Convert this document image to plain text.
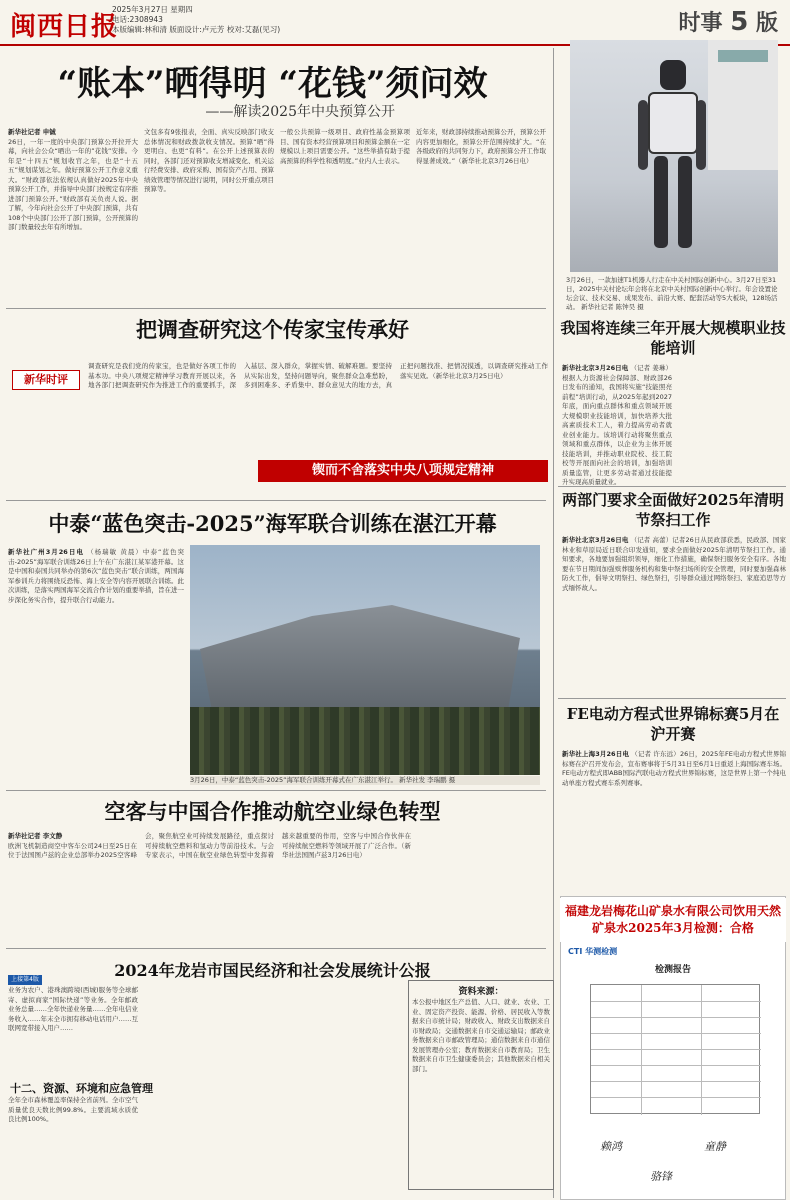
闽西日报
2025年3月27日 星期四
电话:2308943
本版编辑:林和清 版面设计:卢元芳 校对:艾磊(见习)	时事 5 版
“账本”晒得明 “花钱”须问效
——解读2025年中央预算公开
新华社记者 申铖
26日，一年一度的中央部门预算公开拉开大幕，向社会公众“晒出一年的”花钱”安排。今年是“十四五”规划收官之年，也是“十五五”规划谋划之年。做好预算公开工作意义重大。“财政部依法依规认真做好2025年中央预算公开工作，并指导中央部门按规定有序推进部门预算公开。”财政部有关负责人说。据了解，今年向社会公开了中央部门预算，共有108个中央部门公开了部门预算，公开预算的部门数量较去年有所增加。
文包多有9张报表，全面、真实反映部门收支总体情况和财政拨款收支情况。预算“晒”得更明白、也更“有料”。在公开上述预算表的同时，各部门还对预算收支增减变化、机关运行经费安排、政府采购、国有资产占用、预算绩效管理等情况进行说明，同时公开重点项目预算等。
一般公共预算一级项目、政府性基金预算项目、国有资本经营预算项目和预算金额在一定规模以上项目需要公开。“这些举措有助于提高预算的科学性和透明度。”业内人士表示。
近年来，财政部持续推动预算公开，预算公开内容更加细化，预算公开范围持续扩大。“在各级政府的共同努力下，政府预算公开工作取得显著成效。”（新华社北京3月26日电）
3月26日，一款加速T1机器人行走在中关村国际创新中心。3月27日至31日，2025中关村论坛年会将在北京中关村国际创新中心举行。年会设置论坛会议、技术交易、成果发布、前沿大赛、配套活动等5大板块，128场活动。 新华社记者 陈钟昊 摄
我国将连续三年开展大规模职业技能培训
新华社北京3月26日电 （记者 姜琳）根据人力资源社会保障部、财政部26日发布的通知，我国将实施“技能照亮前程”培训行动，从2025年起到2027年底，面向重点群体和重点领域开展大规模职业技能培训，加快培养大批高素质技术工人，着力提高劳动者就业创业能力。该培训行动将聚焦重点领域和重点群体，以企业为主体开展技能培训，并推动职业院校、技工院校等开展面向社会的培训，加强培训质量监管，让更多劳动者通过技能提升实现高质量就业。
两部门要求全面做好2025年清明节祭扫工作
新华社北京3月26日电 （记者 高蕾）记者26日从民政部获悉，民政部、国家林业和草原局近日联合印发通知，要求全面做好2025年清明节祭扫工作。通知要求，各地要加强组织领导，细化工作措施，确保祭扫服务安全有序。各地要在节日期间加强殡葬服务机构和集中祭扫场所的安全管理，同时要加强森林防火工作，倡导文明祭扫、绿色祭扫，引导群众通过网络祭扫、家庭追思等方式缅怀故人。
FE电动方程式世界锦标赛5月在沪开赛
新华社上海3月26日电 （记者 许东远）26日，2025年FE电动方程式世界锦标赛在沪召开发布会，宣布赛事将于5月31日至6月1日重返上海国际赛车场。FE电动方程式即ABB国际汽联电动方程式世界锦标赛，这是世界上第一个纯电动单座方程式赛车系列赛事。
把调查研究这个传家宝传承好
新华时评
调查研究是我们党的传家宝，也是做好各项工作的基本功。中央八项规定精神学习教育开展以来，各地各部门把调查研究作为推进工作的重要抓手，深入基层、深入群众，掌握实情、破解难题。要坚持从实际出发，坚持问题导向，聚焦群众急难愁盼，多到困难多、矛盾集中、群众意见大的地方去，真正把问题找准、把情况摸透，以调查研究推动工作落实见效。（新华社北京3月25日电）
锲而不舍落实中央八项规定精神
中泰“蓝色突击-2025”海军联合训练在湛江开幕
新华社广州3月26日电 （杨瑞敏 黄晨）中泰“蓝色突击-2025”海军联合训练26日上午在广东湛江某军港开幕。这是中国和泰国共同举办的第6次“蓝色突击”联合训练，两国海军参训兵力将围绕反恐怖、海上安全等内容开展联合训练。此次训练，是落实两国海军交流合作计划的重要举措，旨在进一步深化务实合作，提升联合行动能力。
3月26日，中泰“蓝色突击-2025”海军联合训练开幕式在广东湛江举行。 新华社发 李瑞鹏 摄
空客与中国合作推动航空业绿色转型
新华社记者 李文静
欧洲飞机制造商空中客车公司24日至25日在位于法国图卢兹的企业总部举办2025空客峰会，聚焦航空业可持续发展路径，重点探讨可持续航空燃料和氢动力等前沿技术。与会专家表示，中国在航空业绿色转型中发挥着越来越重要的作用，空客与中国合作伙伴在可持续航空燃料等领域开展了广泛合作。（新华社法国图卢兹3月26日电）
2024年龙岩市国民经济和社会发展统计公报
上接第4版
业务为农户、港珠澳跨境(西城)服务等全球邮寄、虚拟商家“国际快递”等业务。全年邮政业务总量……全年快递业务量……全年电信业务收入……年末全市拥有移动电话用户……互联网宽带接入用户……
十二、资源、环境和应急管理
全年全市森林覆盖率保持全省前列。全市空气质量优良天数比例99.8%。主要流域水质优良比例100%。
资料来源：
本公报中地区生产总值、人口、就业、农业、工业、固定资产投资、能源、价格、居民收入等数据来自市统计局；财政收入、财政支出数据来自市财政局；交通数据来自市交通运输局；邮政业务数据来自市邮政管理局；通信数据来自市通信发展管理办公室；教育数据来自市教育局；卫生数据来自市卫生健康委员会；其他数据来自相关部门。
福建龙岩梅花山矿泉水有限公司饮用天然矿泉水2025年3月检测：合格
CTI 华测检测
检测报告
赖鸿	童静
骆锋
